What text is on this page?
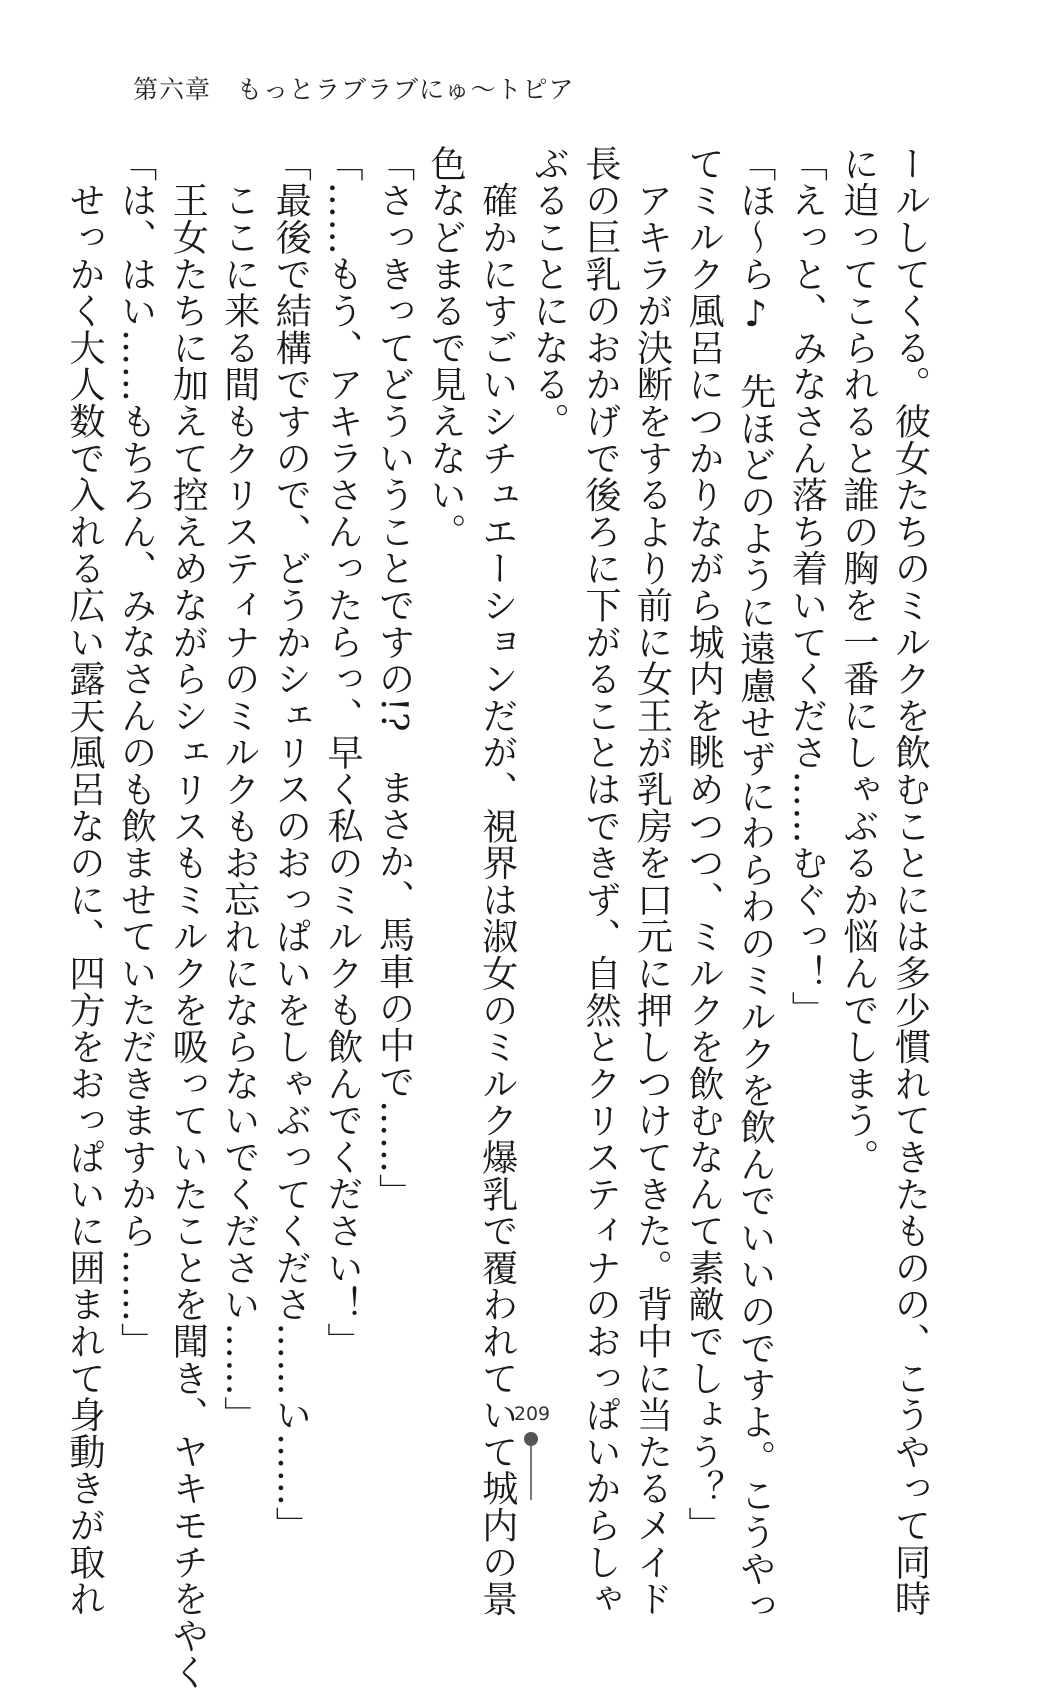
第六章 もっとラブラブにゅ〜トピア
ールしてくる。彼女たちのミルクを飲むことには多少慣れてきたものの、こうやって同時
に迫ってこられると誰の胸を一番にしゃぶるか悩んでしまう。
「えっと、みなさん落ち着いてくださ……むぐっ！」
「ほ〜ら♪　先ほどのように遠慮せずにわらわのミルクを飲んでいいのですよ。こうやっ
てミルク風呂につかりながら城内を眺めつつ、ミルクを飲むなんて素敵でしょう？」
　アキラが決断をするより前に女王が乳房を口元に押しつけてきた。背中に当たるメイド
長の巨乳のおかげで後ろに下がることはできず、自然とクリスティナのおっぱいからしゃ
ぶることになる。
　確かにすごいシチュエーションだが、視界は淑女のミルク爆乳で覆われていて城内の景
色などまるで見えない。
「さっきってどういうことですの!?　まさか、馬車の中で……」
「……もう、アキラさんったらっ、早く私のミルクも飲んでください！」
「最後で結構ですので、どうかシェリスのおっぱいをしゃぶってくださ……い……」
　ここに来る間もクリスティナのミルクもお忘れにならないでください……」
　王女たちに加えて控えめながらシェリスもミルクを吸っていたことを聞き、ヤキモチをやく
「は、はい……もちろん、みなさんのも飲ませていただきますから……」
　せっかく大人数で入れる広い露天風呂なのに、四方をおっぱいに囲まれて身動きが取れ	209
